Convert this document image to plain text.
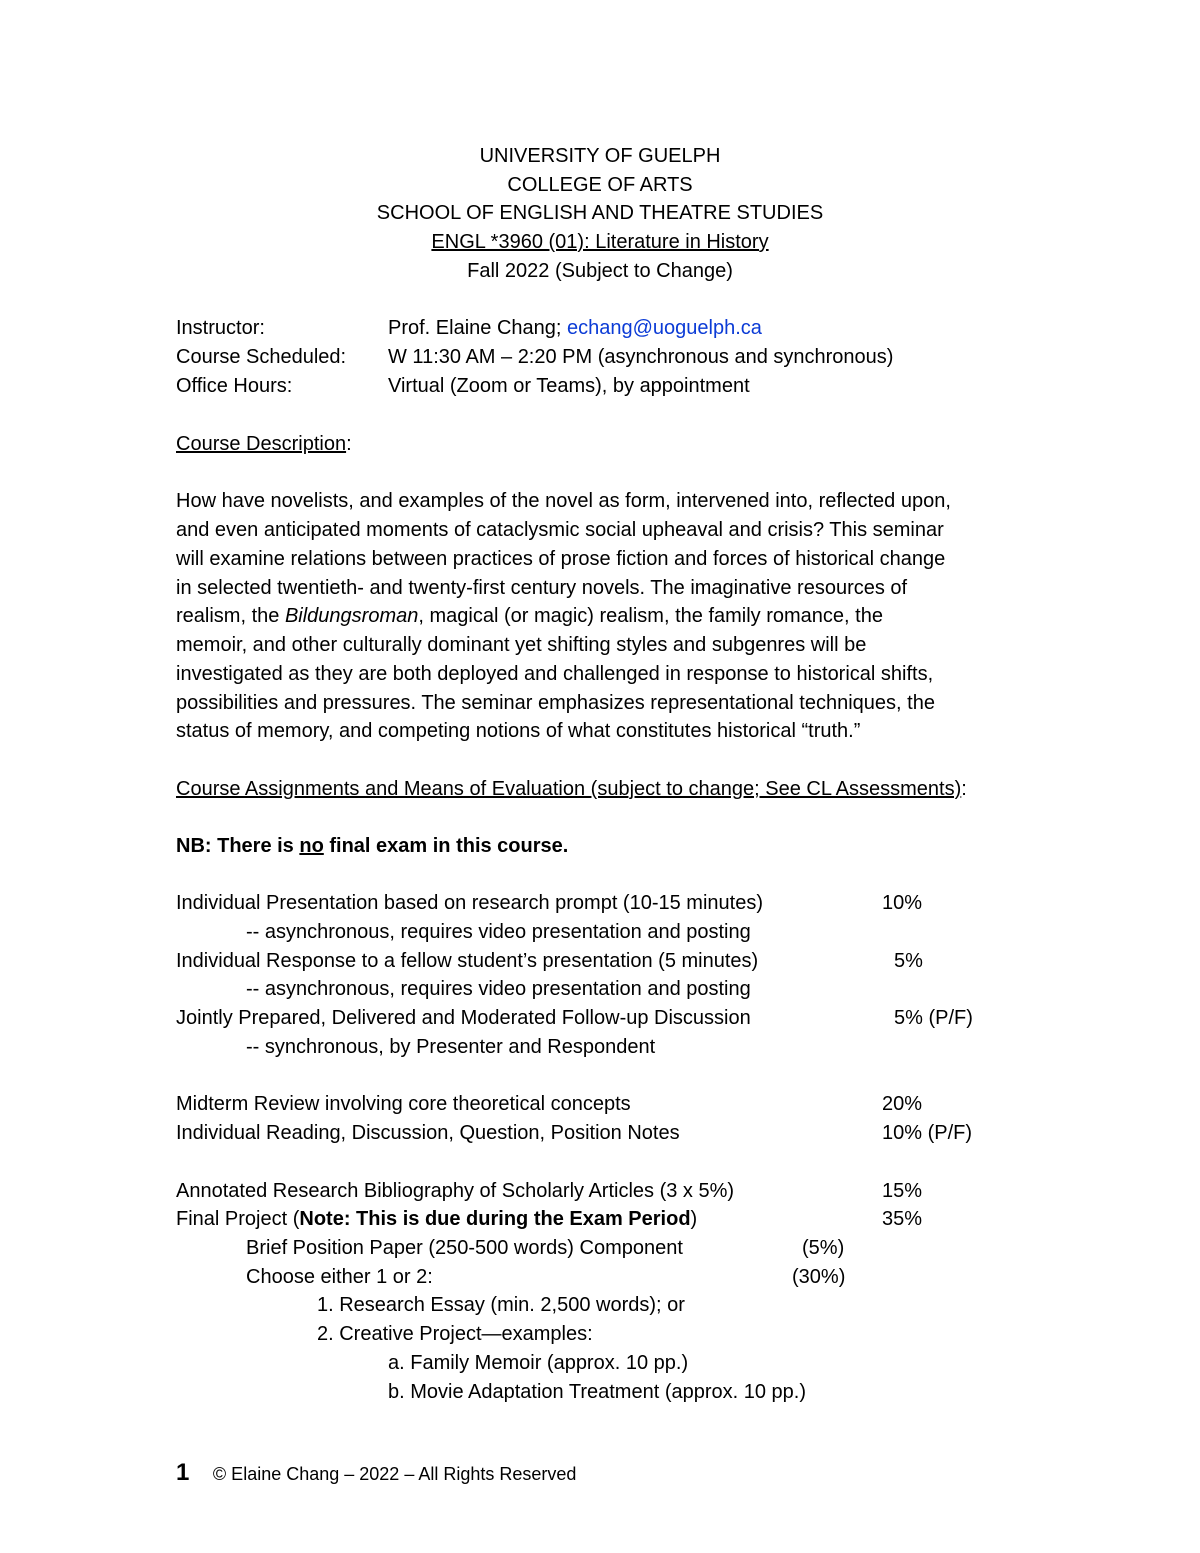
UNIVERSITY OF GUELPH
COLLEGE OF ARTS
SCHOOL OF ENGLISH AND THEATRE STUDIES
ENGL *3960 (01): Literature in History
Fall 2022 (Subject to Change)
Instructor:	Prof. Elaine Chang; echang@uoguelph.ca
Course Scheduled: W 11:30 AM – 2:20 PM (asynchronous and synchronous)
Office Hours:	Virtual (Zoom or Teams), by appointment
Course Description:
How have novelists, and examples of the novel as form, intervened into, reflected upon,
and even anticipated moments of cataclysmic social upheaval and crisis? This seminar
will examine relations between practices of prose fiction and forces of historical change
in selected twentieth- and twenty-first century novels. The imaginative resources of
realism, the Bildungsroman, magical (or magic) realism, the family romance, the
memoir, and other culturally dominant yet shifting styles and subgenres will be
investigated as they are both deployed and challenged in response to historical shifts,
possibilities and pressures. The seminar emphasizes representational techniques, the
status of memory, and competing notions of what constitutes historical “truth.”
Course Assignments and Means of Evaluation (subject to change; See CL Assessments):
NB: There is no final exam in this course.
Individual Presentation based on research prompt (10-15 minutes)	10%
-- asynchronous, requires video presentation and posting
Individual Response to a fellow student’s presentation (5 minutes)	5%
-- asynchronous, requires video presentation and posting
Jointly Prepared, Delivered and Moderated Follow-up Discussion	5% (P/F)
-- synchronous, by Presenter and Respondent
Midterm Review involving core theoretical concepts	20%
Individual Reading, Discussion, Question, Position Notes	10% (P/F)
Annotated Research Bibliography of Scholarly Articles (3 x 5%)	15%
Final Project (Note: This is due during the Exam Period)	35%
Brief Position Paper (250-500 words) Component	(5%)
Choose either 1 or 2:	(30%)
1. Research Essay (min. 2,500 words); or
2. Creative Project—examples:
a. Family Memoir (approx. 10 pp.)
b. Movie Adaptation Treatment (approx. 10 pp.)
1 © Elaine Chang – 2022 – All Rights Reserved
